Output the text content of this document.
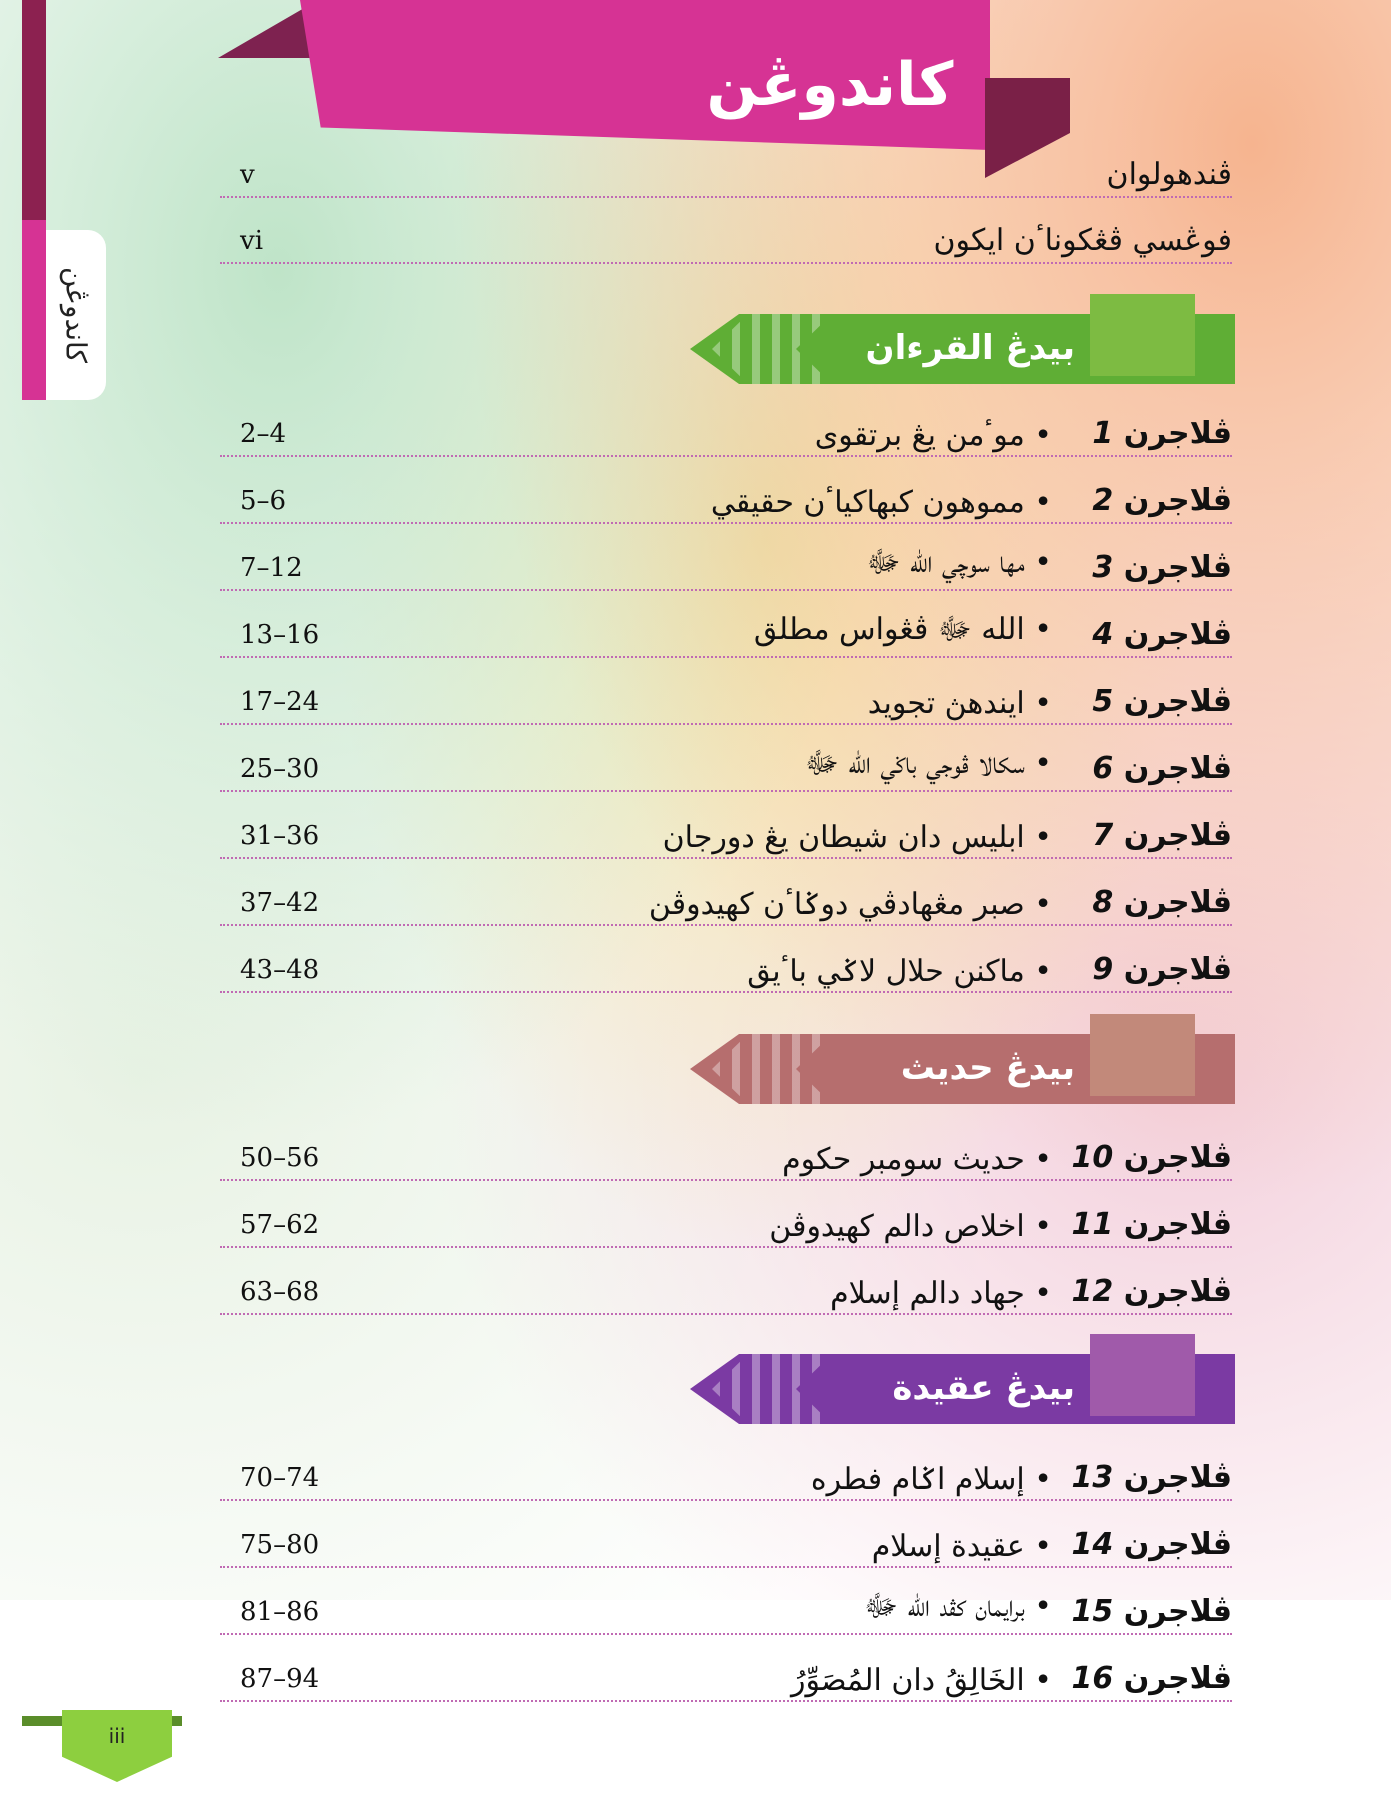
كاندوڠن
كاندوڠن
ڤندهولوان
v
فوڠسي ڤڠكوناٴن ايکون
vi
بيدڠ القرءان
ڤلاجرن 1
• موٴمن يڠ برتقوى
2–4
ڤلاجرن 2
• مموهون كبهاكياٴن حقيقي
5–6
ڤلاجرن 3
• مها سوچي الله ﷻ
7–12
ڤلاجرن 4
• الله ﷻ ڤڠواس مطلق
13–16
ڤلاجرن 5
• ايندهڽ تجويد
17–24
ڤلاجرن 6
• سکالا ڤوجي باݢي الله ﷻ
25–30
ڤلاجرن 7
• ابليس دان شيطان يڠ دورجان
31–36
ڤلاجرن 8
• صبر مڠهادڤي دوݢاٴن كهيدوڤن
37–42
ڤلاجرن 9
• ماكنن حلال لاݢي باٴيق
43–48
بيدڠ حديث
ڤلاجرن 10
• حديث سومبر حكوم
50–56
ڤلاجرن 11
• اخلاص دالم كهيدوڤن
57–62
ڤلاجرن 12
• جهاد دالم إسلام
63–68
بيدڠ عقيدة
ڤلاجرن 13
• إسلام اݢام فطره
70–74
ڤلاجرن 14
• عقيدة إسلام
75–80
ڤلاجرن 15
• برايمان كڤد الله ﷻ
81–86
ڤلاجرن 16
• الخَالِقُ دان المُصَوِّرُ
87–94
iii
